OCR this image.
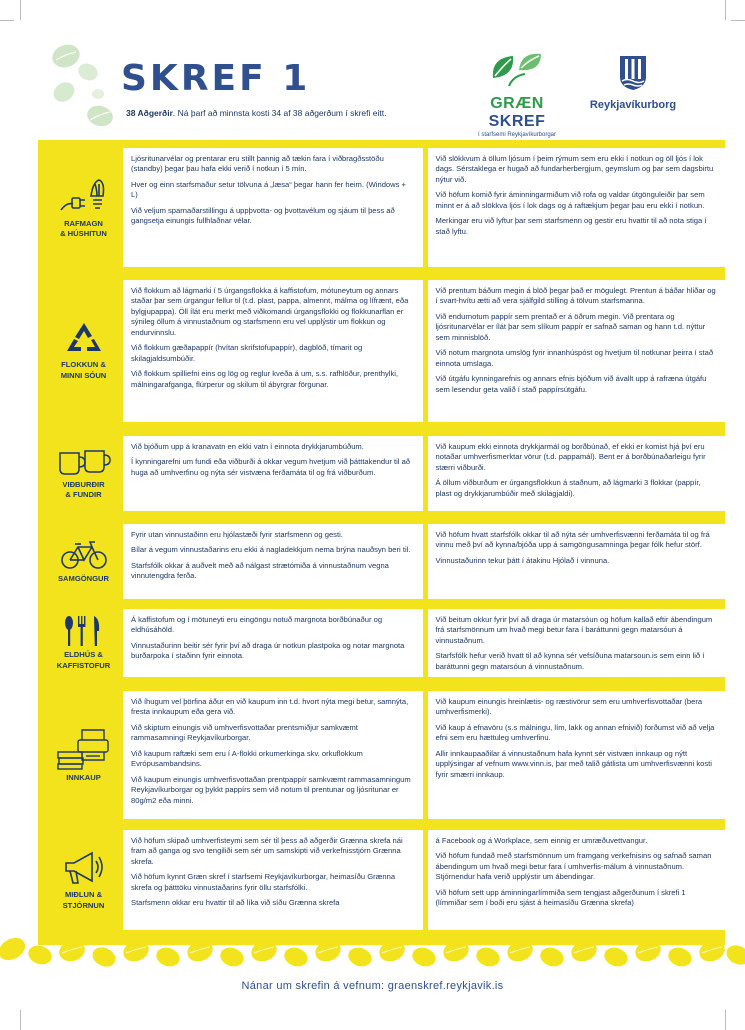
SKREF 1
38 Aðgerðir. Ná þarf að minnsta kosti 34 af 38 aðgerðum í skrefi eitt.
GRÆN SKREF
í starfsemi Reykjavíkurborgar
Reykjavíkurborg
RAFMAGN
& HÚSHITUN

Ljósritunarvélar og prentarar eru stillt þannig að tækin fara í viðbragðsstöðu (standby) þegar þau hafa ekki verið í notkun í 5 mín.

Hver og einn starfsmaður setur tölvuna á „læsa“ þegar hann fer heim. (Windows + L)

Við veljum sparnaðarstillingu á uppþvotta- og þvottavélum og sjáum til þess að gangsetja einungis fullhlaðnar vélar.

Við slökkvum á öllum ljósum í þeim rýmum sem eru ekki í notkun og öll ljós í lok dags. Sérstaklega er hugað að fundarherbergjum, geymslum og þar sem dagsbirtu nýtur við.

Við höfum komið fyrir áminningarmiðum við rofa og valdar útgönguleiðir þar sem minnt er á að slökkva ljós í lok dags og á raftækjum þegar þau eru ekki í notkun.

Merkingar eru við lyftur þar sem starfsmenn og gestir eru hvattir til að nota stiga í stað lyftu.

FLOKKUN &
MINNI SÓUN

Við flokkum að lágmarki í 5 úrgangsflokka á kaffistofum, mótuneytum og annars staðar þar sem úrgangur fellur til (t.d. plast, pappa, almennt, málma og lífrænt, eða bylgjupappa). Öll ílát eru merkt með viðkomandi úrgangsflokki og flokkunarflan er sýnileg öllum á vinnustaðnum og starfsmenn eru vel upplýstir um flokkun og endurvinnslu.

Við flokkum gæðapappír (hvítan skrifstofupappír), dagblöð, tímarit og skilagjaldsumbúðir.

Við flokkum spilliefni eins og lög og reglur kveða á um, s.s. rafhlöður, prenthylki, málningarafganga, flúrperur og skilum til ábyrgrar förgunar.

Við prentum báðum megin á blöð þegar það er mögulegt. Prentun á báðar hliðar og í svart-hvítu ætti að vera sjálfgild stilling á tölvum starfsmanna.

Við endurnotum pappír sem prentað er á öðrum megin. Við prentara og ljósritunarvélar er ílát þar sem slíkum pappír er safnað saman og hann t.d. nýttur sem minnisblöð.

Við notum margnota umslög fyrir innanhúspóst og hvetjum til notkunar þeirra í stað einnota umslaga.

Við útgáfu kynningarefnis og annars efnis bjóðum við ávallt upp á rafræna útgáfu sem lesendur geta valið í stað pappírsútgáfu.

VIÐBURÐIR
& FUNDIR

Við bjóðum upp á kranavatn en ekki vatn í einnota drykkjarumbúðum.

Í kynningarefni um fundi eða viðburði á okkar vegum hvetjum við þátttakendur til að huga að umhverfinu og nýta sér vistvæna ferðamáta til og frá viðburðum.

Við kaupum ekki einnota drykkjarmál og borðbúnað, ef ekki er komist hjá því eru notaðar umhverfismerktar vörur (t.d. pappamál). Bent er á borðbúnaðarleigu fyrir stærri viðburði.

Á öllum viðburðum er úrgangsflokkun á staðnum, að lágmarki 3 flokkar (pappír, plast og drykkjarumbúðir með skilagjaldi).

SAMGÖNGUR

Fyrir utan vinnustaðinn eru hjólastæði fyrir starfsmenn og gesti.

Bílar á vegum vinnustaðarins eru ekki á nagladekkjum nema brýna nauðsyn beri til.

Starfsfólk okkar á auðvelt með að nálgast strætómiða á vinnustaðnum vegna vinnutengdra ferða.

Við höfum hvatt starfsfólk okkar til að nýta sér umhverfisvænni ferðamáta til og frá vinnu með því að kynna/bjóða upp á samgöngusamninga þegar fólk hefur störf.

Vinnustaðurinn tekur þátt í átakinu Hjólað í vinnuna.

ELDHÚS &
KAFFISTOFUR

Á kaffistofum og í mötuneyti eru eingöngu notuð margnota borðbúnaður og eldhúsáhöld.

Vinnustaðurinn beitir sér fyrir því að draga úr notkun plastpoka og notar margnota burðarpoka í staðinn fyrir einnota.

Við beitum okkur fyrir því að draga úr matarsóun og höfum kallað eftir ábendingum frá starfsmönnum um hvað megi betur fara í baráttunni gegn matarsóun á vinnustaðnum.

Starfsfólk hefur verið hvatt til að kynna sér vefsíðuna matarsoun.is sem einn lið í baráttunni gegn matarsóun á vinnustaðnum.

INNKAUP

Við íhugum vel þörfina áður en við kaupum inn t.d. hvort nýta megi betur, samnýta, fresta innkaupum eða gera við.

Við skiptum einungis við umhverfisvottaðar prentsmiðjur samkvæmt rammasamningi Reykjavíkurborgar.

Við kaupum raftæki sem eru í A-flokki orkumerkinga skv. orkuflokkum Evrópusambandsins.

Við kaupum einungis umhverfisvottaðan prentpappír samkvæmt rammasamningum Reykjavíkurborgar og þykkt pappírs sem við notum til prentunar og ljósritunar er 80g/m2 eða minni.

Við kaupum einungis hreinlætis- og ræstivörur sem eru umhverfisvottaðar (bera umhverfismerki).

Við kaup á efnavöru (s.s málningu, lím, lakk og annan efnivið) forðumst við að velja efni sem eru hættuleg umhverfinu.

Allir innkaupaaðilar á vinnustaðnum hafa kynnt sér vistvæn innkaup og nýtt upplýsingar af vefnum www.vinn.is, þar með talið gátlista um umhverfisvænni kosti fyrir smærri innkaup.

MIÐLUN &
STJÓRNUN

Við höfum skipað umhverfisteymi sem sér til þess að aðgerðir Grænna skrefa nái fram að ganga og svo tengiliði sem sér um samskipti við verkefnisstjórn Grænna skrefa.

Við höfum kynnt Græn skref í starfsemi Reykjavíkurborgar, heimasíðu Grænna skrefa og þátttöku vinnustaðarins fyrir öllu starfsfólki.

Starfsmenn okkar eru hvattir til að líka við síðu Grænna skrefa

á Facebook og á Workplace, sem einnig er umræðuvettvangur.

Við höfum fundað með starfsmönnum um framgang verkefnisins og safnað saman ábendingum um hvað megi betur fara í umhverfis-málum á vinnustaðnum. Stjórnendur hafa verið upplýstir um ábendingar.

Við höfum sett upp áminningarlímmiða sem tengjast aðgerðunum í skrefi 1 (límmiðar sem í boði eru sjást á heimasíðu Grænna skrefa)

Nánar um skrefin á vefnum: graenskref.reykjavik.is
